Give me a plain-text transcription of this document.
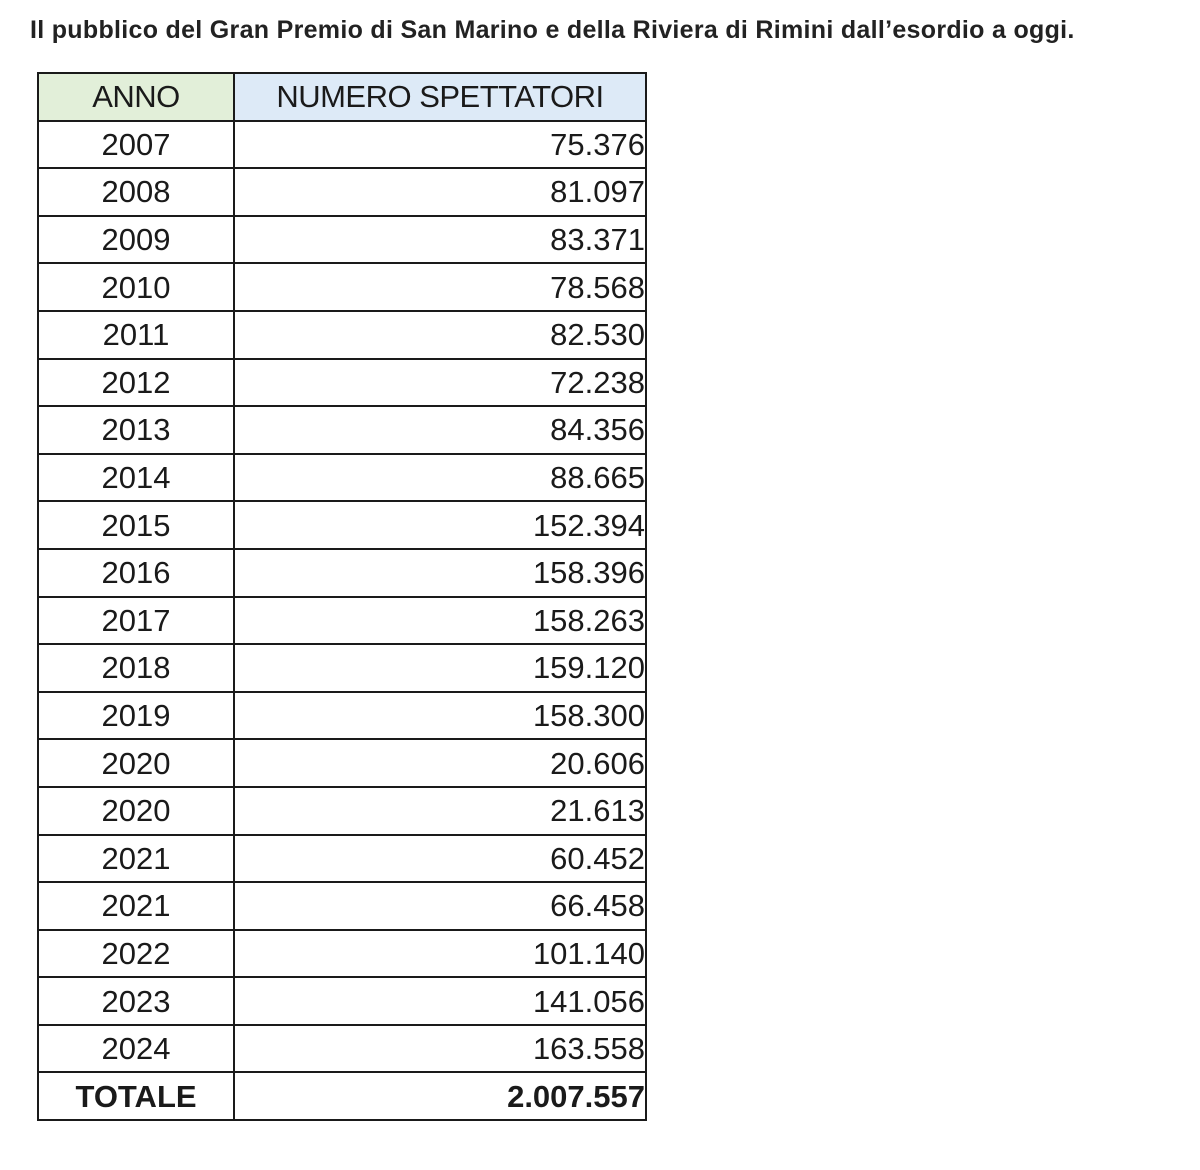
Il pubblico del Gran Premio di San Marino e della Riviera di Rimini dall’esordio a oggi.
ANNO	NUMERO SPETTATORI
2007	75.376
2008	81.097
2009	83.371
2010	78.568
2011	82.530
2012	72.238
2013	84.356
2014	88.665
2015	152.394
2016	158.396
2017	158.263
2018	159.120
2019	158.300
2020	20.606
2020	21.613
2021	60.452
2021	66.458
2022	101.140
2023	141.056
2024	163.558
TOTALE	2.007.557
